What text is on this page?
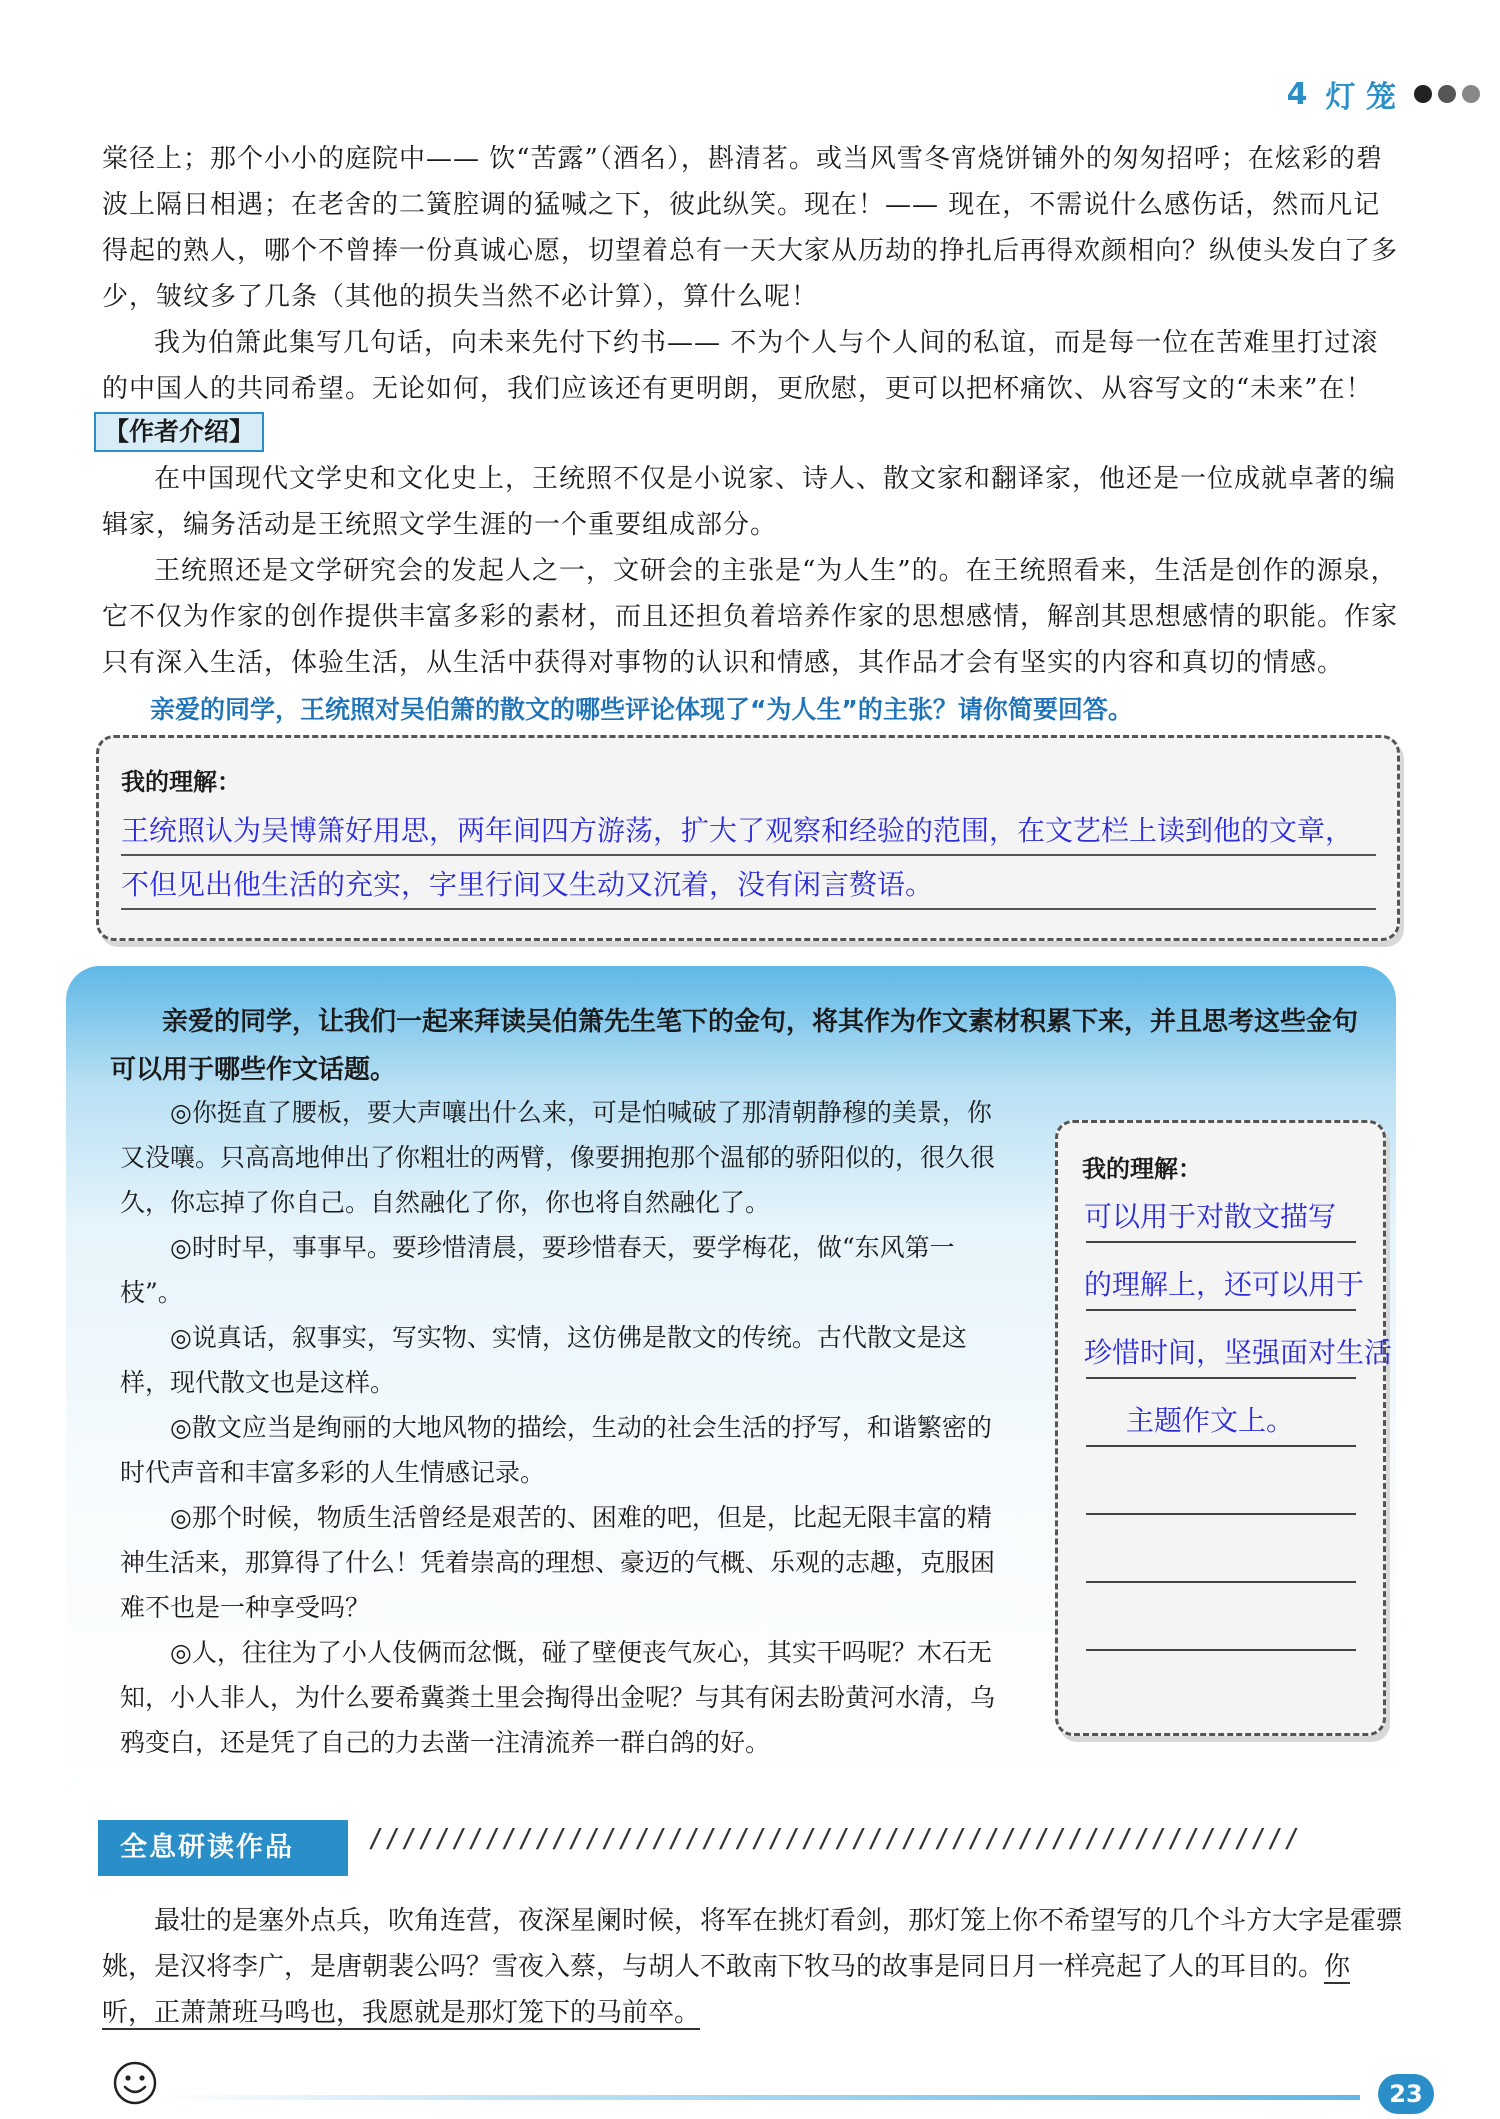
4 灯 笼

棠径上；那个小小的庭院中—— 饮“苦露”（酒名），斟清茗。或当风雪冬宵烧饼铺外的匆匆招呼；在炫彩的碧波上隔日相遇；在老舍的二簧腔调的猛喊之下，彼此纵笑。现在！—— 现在，不需说什么感伤话，然而凡记得起的熟人，哪个不曾捧一份真诚心愿，切望着总有一天大家从历劫的挣扎后再得欢颜相向？纵使头发白了多少，皱纹多了几条（其他的损失当然不必计算），算什么呢！

我为伯箫此集写几句话，向未来先付下约书—— 不为个人与个人间的私谊，而是每一位在苦难里打过滚的中国人的共同希望。无论如何，我们应该还有更明朗，更欣慰，更可以把杯痛饮、从容写文的“未来”在！

【作者介绍】

在中国现代文学史和文化史上，王统照不仅是小说家、诗人、散文家和翻译家，他还是一位成就卓著的编辑家，编务活动是王统照文学生涯的一个重要组成部分。

王统照还是文学研究会的发起人之一，文研会的主张是“为人生”的。在王统照看来，生活是创作的源泉，它不仅为作家的创作提供丰富多彩的素材，而且还担负着培养作家的思想感情，解剖其思想感情的职能。作家只有深入生活，体验生活，从生活中获得对事物的认识和情感，其作品才会有坚实的内容和真切的情感。

亲爱的同学，王统照对吴伯箫的散文的哪些评论体现了“为人生”的主张？请你简要回答。
我的理解：
王统照认为吴博箫好用思，两年间四方游荡，扩大了观察和经验的范围，在文艺栏上读到他的文章，
不但见出他生活的充实，字里行间又生动又沉着，没有闲言赘语。
亲爱的同学，让我们一起来拜读吴伯箫先生笔下的金句，将其作为作文素材积累下来，并且思考这些金句可以用于哪些作文话题。

◎你挺直了腰板，要大声嚷出什么来，可是怕喊破了那清朝静穆的美景，你又没嚷。只高高地伸出了你粗壮的两臂，像要拥抱那个温郁的骄阳似的，很久很久，你忘掉了你自己。自然融化了你，你也将自然融化了。

◎时时早，事事早。要珍惜清晨，要珍惜春天，要学梅花，做“东风第一枝”。

◎说真话，叙事实，写实物、实情，这仿佛是散文的传统。古代散文是这样，现代散文也是这样。

◎散文应当是绚丽的大地风物的描绘，生动的社会生活的抒写，和谐繁密的时代声音和丰富多彩的人生情感记录。

◎那个时候，物质生活曾经是艰苦的、困难的吧，但是，比起无限丰富的精神生活来，那算得了什么！凭着崇高的理想、豪迈的气概、乐观的志趣，克服困难不也是一种享受吗？

◎人，往往为了小人伎俩而忿慨，碰了壁便丧气灰心，其实干吗呢？木石无知，小人非人，为什么要希冀粪土里会掏得出金呢？与其有闲去盼黄河水清，乌鸦变白，还是凭了自己的力去凿一注清流养一群白鸽的好。

我的理解：
可以用于对散文描写
的理解上，还可以用于
珍惜时间，坚强面对生活
主题作文上。
全息研读作品	////////////////////////////////////////////////////////

最壮的是塞外点兵，吹角连营，夜深星阑时候，将军在挑灯看剑，那灯笼上你不希望写的几个斗方大字是霍骠姚，是汉将李广，是唐朝裴公吗？雪夜入蔡，与胡人不敢南下牧马的故事是同日月一样亮起了人的耳目的。你听，正萧萧班马鸣也，我愿就是那灯笼下的马前卒。

23
